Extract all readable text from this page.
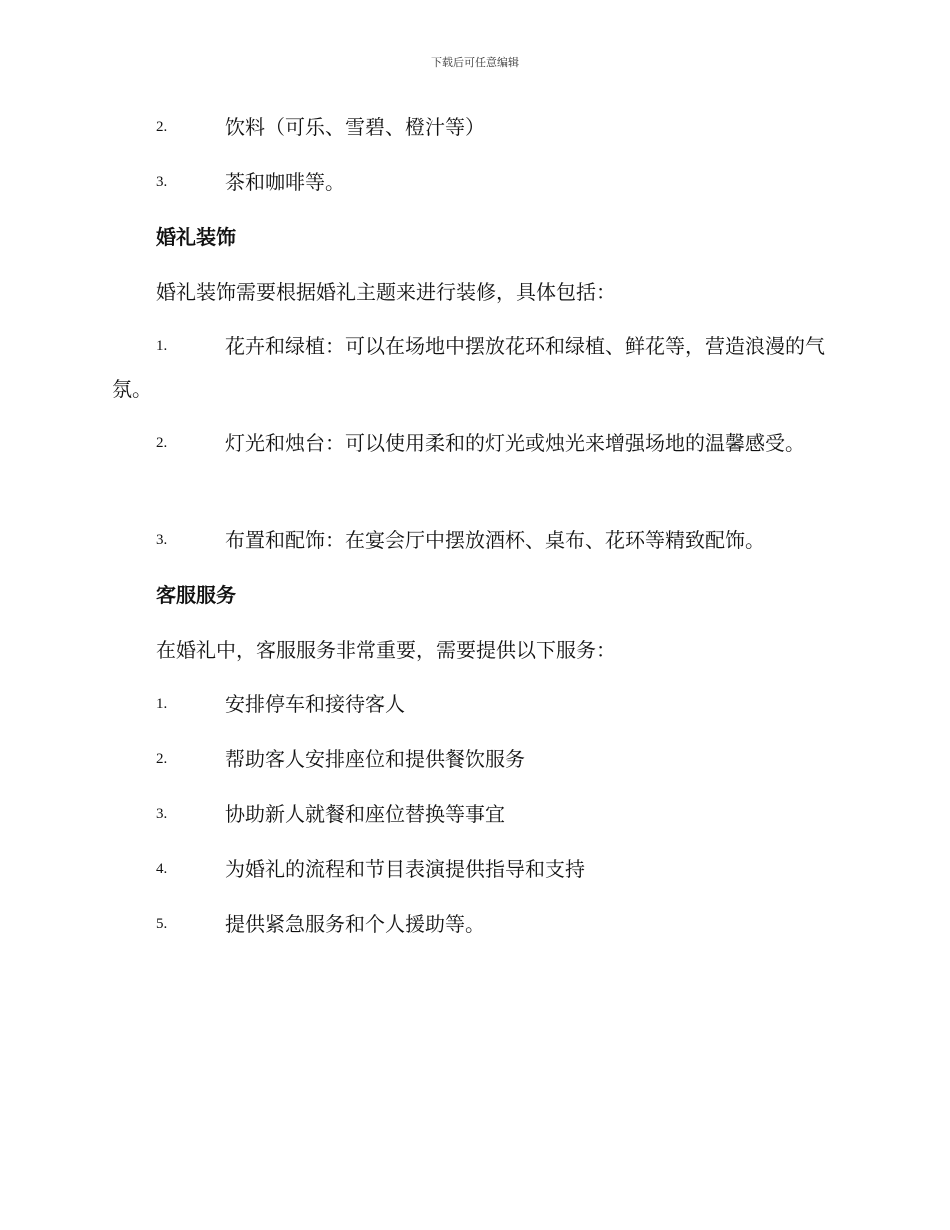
下载后可任意编辑
2.	饮料（可乐、雪碧、橙汁等）
3.	茶和咖啡等。
婚礼装饰
婚礼装饰需要根据婚礼主题来进行装修，具体包括：
1.	花卉和绿植：可以在场地中摆放花环和绿植、鲜花等，营造浪漫的气氛。
2.	灯光和烛台：可以使用柔和的灯光或烛光来增强场地的温馨感受。
3.	布置和配饰：在宴会厅中摆放酒杯、桌布、花环等精致配饰。
客服服务
在婚礼中，客服服务非常重要，需要提供以下服务：
1.	安排停车和接待客人
2.	帮助客人安排座位和提供餐饮服务
3.	协助新人就餐和座位替换等事宜
4.	为婚礼的流程和节目表演提供指导和支持
5.	提供紧急服务和个人援助等。
